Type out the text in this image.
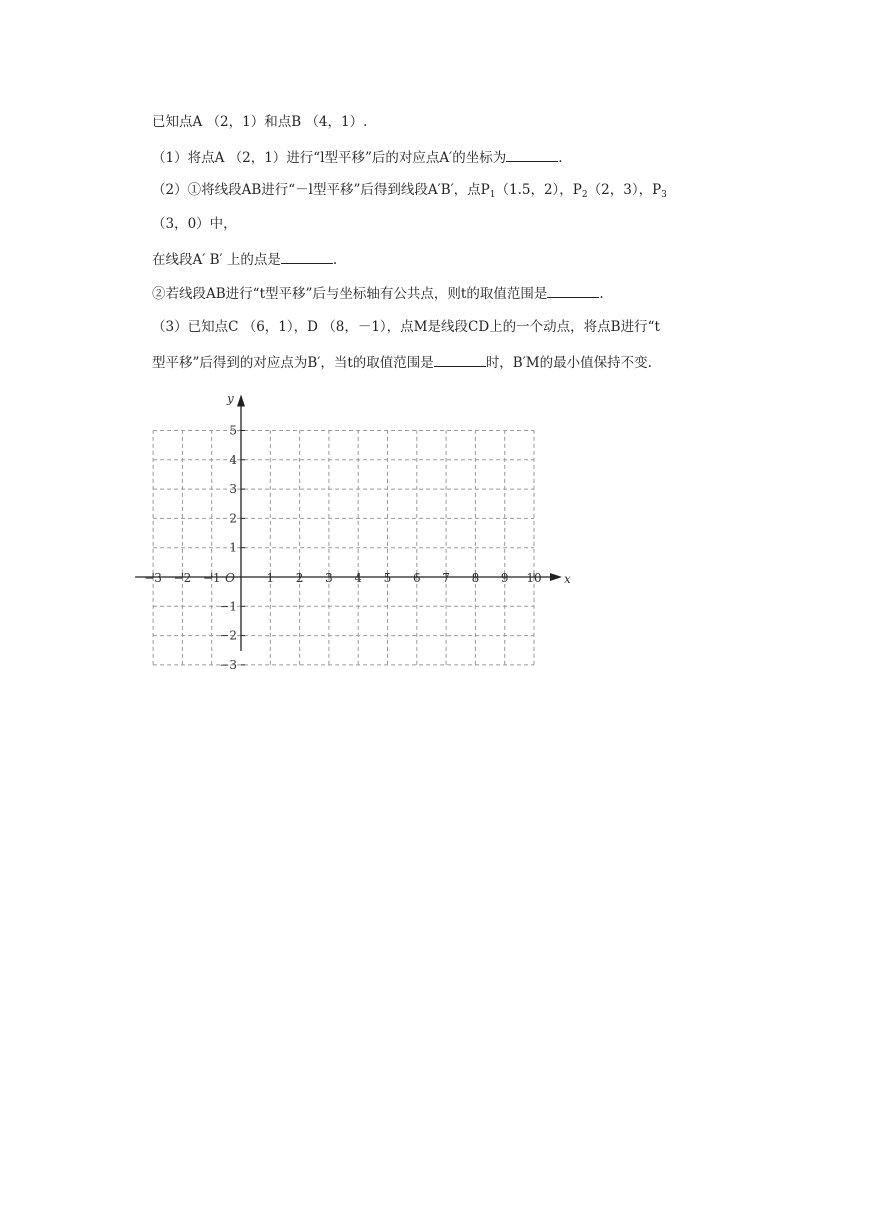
已知点A （2，1）和点B （4，1）.
（1）将点A （2，1）进行“l型平移”后的对应点A′的坐标为	.
（2）①将线段AB进行“－l型平移”后得到线段A′B′，点$P_1(1.5$，2），$P_2(2$，3），$P_3$
（3，0）中，
在线段A′ B′ 上的点是	.
②若线段AB进行“t型平移”后与坐标轴有公共点，则t的取值范围是	.
（3）已知点C （6，1），D （8，－1），点M是线段CD上的一个动点，将点B进行“t
型平移”后得到的对应点为B′，当t的取值范围是	时，B′M的最小值保持不变.
−3 −2 −1	1 2 3 4 5 6 7 8 9 10
−3
−2
−1
1
2
3
4
5
x
y
O
